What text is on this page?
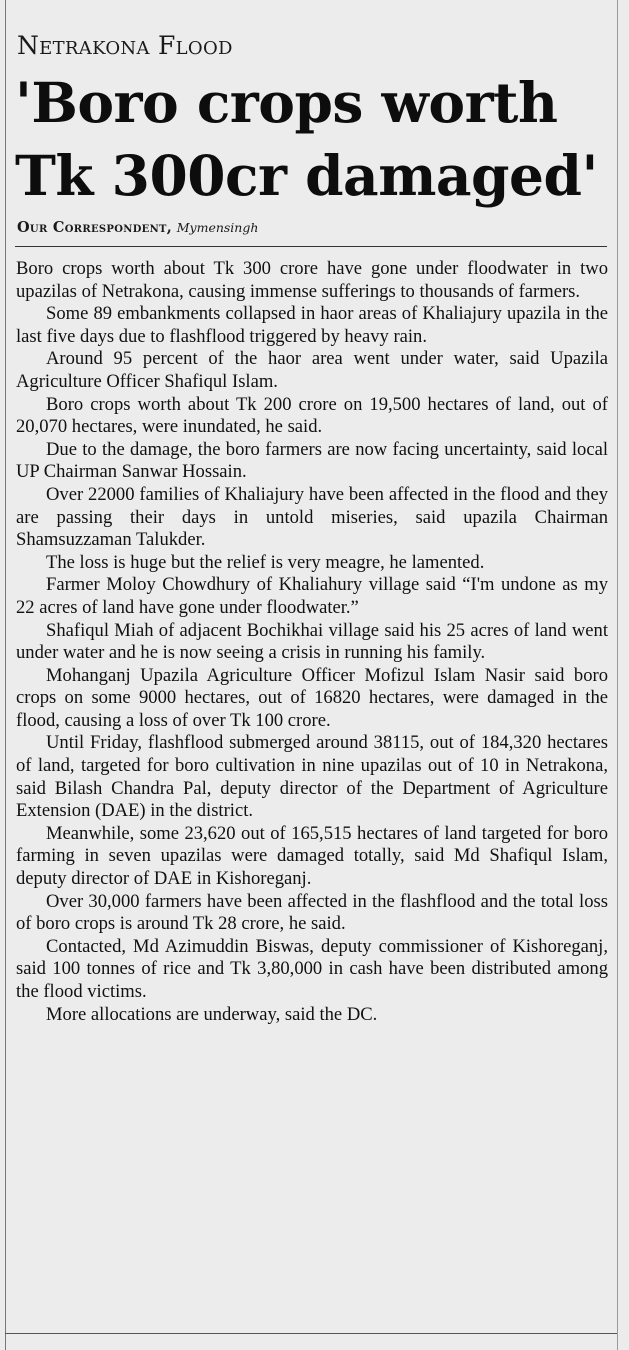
Netrakona Flood
'Boro crops worth
Tk 300cr damaged'
Our Correspondent, Mymensingh

Boro crops worth about Tk 300 crore have gone under floodwater in two upazilas of Netrakona, causing immense sufferings to thousands of farmers.

Some 89 embankments collapsed in haor areas of Khaliajury upazila in the last five days due to flashflood triggered by heavy rain.

Around 95 percent of the haor area went under water, said Upazila Agriculture Officer Shafiqul Islam.

Boro crops worth about Tk 200 crore on 19,500 hectares of land, out of 20,070 hectares, were inundated, he said.

Due to the damage, the boro farmers are now facing uncertainty, said local UP Chairman Sanwar Hossain.

Over 22000 families of Khaliajury have been affected in the flood and they are passing their days in untold miseries, said upazila Chairman Shamsuzzaman Talukder.

The loss is huge but the relief is very meagre, he lamented.

Farmer Moloy Chowdhury of Khaliahury village said “I'm undone as my 22 acres of land have gone under floodwater.”

Shafiqul Miah of adjacent Bochikhai village said his 25 acres of land went under water and he is now seeing a crisis in running his family.

Mohanganj Upazila Agriculture Officer Mofizul Islam Nasir said boro crops on some 9000 hectares, out of 16820 hectares, were damaged in the flood, causing a loss of over Tk 100 crore.

Until Friday, flashflood submerged around 38115, out of 184,320 hectares of land, targeted for boro cultivation in nine upazilas out of 10 in Netrakona, said Bilash Chandra Pal, deputy director of the Department of Agriculture Extension (DAE) in the district.

Meanwhile, some 23,620 out of 165,515 hectares of land targeted for boro farming in seven upazilas were damaged totally, said Md Shafiqul Islam, deputy director of DAE in Kishoreganj.

Over 30,000 farmers have been affected in the flashflood and the total loss of boro crops is around Tk 28 crore, he said.

Contacted, Md Azimuddin Biswas, deputy commissioner of Kishoreganj, said 100 tonnes of rice and Tk 3,80,000 in cash have been distributed among the flood victims.

More allocations are underway, said the DC.
